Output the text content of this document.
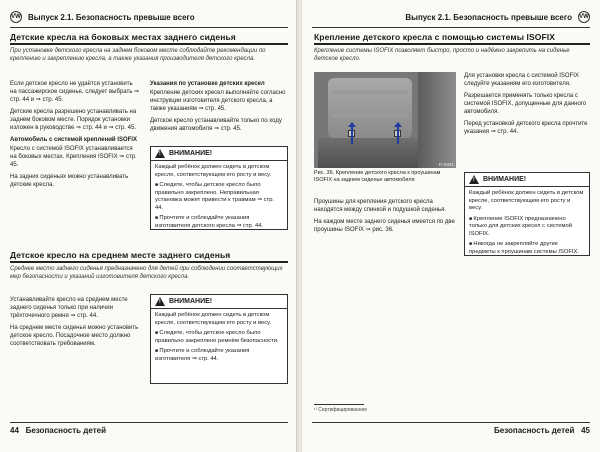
VW Выпуск 2.1. Безопасность превыше всего
Детские кресла на боковых местах заднего сиденья
При установке детского кресла на заднем боковом месте соблюдайте рекомендации по креплению и закреплению кресла, а также указания производителя детского кресла.

Если детское кресло не удаётся установить на пассажирское сиденье, следует выбрать ⇒ стр. 44 и ⇒ стр. 45.

Детские кресла разрешено устанавливать на заднем боковом месте. Порядок установки изложен в руководстве ⇒ стр. 44 и ⇒ стр. 45.

Автомобиль с системой креплений ISOFIX

Кресло с системой ISOFIX устанавливается на боковых местах. Крепления ISOFIX ⇒ стр. 45.

На задних сиденьях можно устанавливать детские кресла.

Указания по установке детских кресел

Крепление детских кресел выполняйте согласно инструкции изготовителя детского кресла, а также указаниям ⇒ стр. 45.

Детское кресло устанавливайте только по ходу движения автомобиля ⇒ стр. 45.

! ВНИМАНИЕ!

Каждый ребёнок должен сидеть в детском кресле, соответствующем его росту и весу.

■ Следите, чтобы детское кресло было правильно закреплено. Неправильная установка может привести к травмам ⇒ стр. 44.

■ Прочтите и соблюдайте указания изготовителя детского кресла ⇒ стр. 44.

Детское кресло на среднем месте заднего сиденья
Среднее место заднего сиденья предназначено для детей при соблюдении соответствующих мер безопасности и указаний изготовителя детского кресла.

Устанавливайте кресло на среднем месте заднего сиденья только при наличии трёхточечного ремня ⇒ стр. 44.

На среднем месте сиденья можно установить детское кресло. Посадочное место должно соответствовать требованиям.

! ВНИМАНИЕ!

Каждый ребёнок должен сидеть в детском кресле, соответствующем его росту и весу.

■ Следите, чтобы детское кресло было правильно закреплено ремнём безопасности.

■ Прочтите и соблюдайте указания изготовителя ⇒ стр. 44.

44 Безопасность детей
Выпуск 2.1. Безопасность превыше всего VW
Крепление детского кресла с помощью системы ISOFIX
Крепление системы ISOFIX позволяет быстро, просто и надёжно закрепить на сиденье детское кресло.
Fi-0341
Рис. 36. Крепление детского кресла к проушинам ISOFIX на заднем сиденье автомобиля

Проушины для крепления детского кресла находятся между спинкой и подушкой сиденья.

На каждом месте заднего сиденья имеется по две проушины ISOFIX ⇒ рис. 36.

Для установки кресла с системой ISOFIX следуйте указаниям его изготовителя.

Разрешается применять только кресла с системой ISOFIX, допущенные для данного автомобиля.

Перед установкой детского кресла прочтите указания ⇒ стр. 44.

! ВНИМАНИЕ!

Каждый ребёнок должен сидеть в детском кресле, соответствующем его росту и весу.

■ Крепление ISOFIX предназначено только для детских кресел с системой ISOFIX.

■ Никогда не закрепляйте другие предметы к проушинам системы ISOFIX.

¹⁾ Сертифицированное
Безопасность детей 45
